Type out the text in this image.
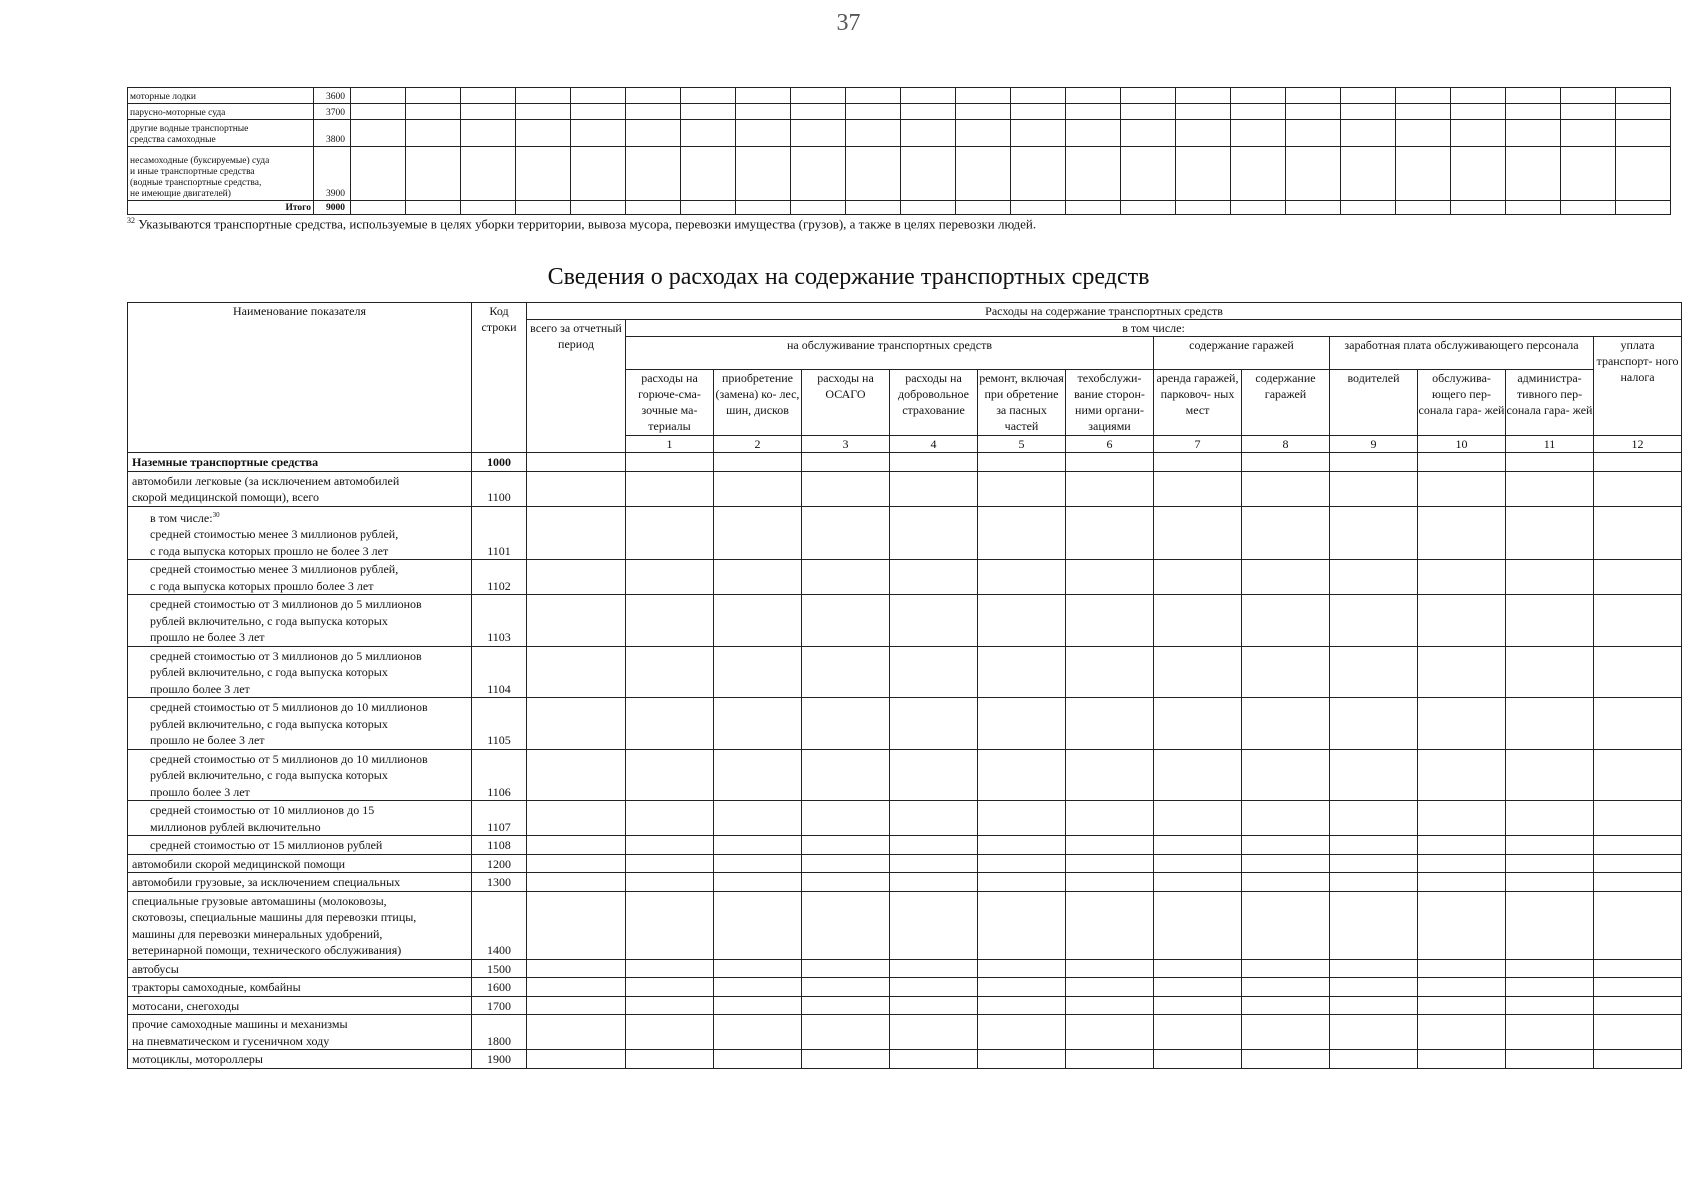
37
моторные лодки	3600																								

парусно-моторные суда	3700																								

другие водные транспортные
средства самоходные	3800																								

несамоходные (буксируемые) суда
и иные транспортные средства
(водные транспортные средства,
не имеющие двигателей)	3900																								
Итого	9000																								
$^{32}$ Указываются транспортные средства, используемые в целях уборки территории, вывоза мусора, перевозки имущества (грузов), а также в целях перевозки людей.
Сведения о расходах на содержание транспортных средств
Наименование показателя	Код строки	Расходы на содержание транспортных средств													
		всего за отчетный период	в том числе:												
			на обслуживание транспортных средств						содержание гаражей		заработная плата обслуживающего персонала			уплата транспорт- ного налога	
			расходы на горюче-сма- зочные ма- териалы	приобретение (замена) ко- лес, шин, дисков	расходы на ОСАГО	расходы на добровольное страхование	ремонт, включая при обретение за пасных частей	техобслужи- вание сторон- ними органи- зациями	аренда гаражей, парковоч- ных мест	содержание гаражей	водителей	обслужива- ющего пер- сонала гара- жей	администра- тивного пер- сонала гара- жей		
			1	2	3	4	5	6	7	8	9	10	11	12			

Наземные транспортные средства	1000														

автомобили легковые (за исключением автомобилей
скорой медицинской помощи), всего	1100														

в том числе:$^{30}$
средней стоимостью менее 3 миллионов рублей,
с года выпуска которых прошло не более 3 лет	1101														

средней стоимостью менее 3 миллионов рублей,
с года выпуска которых прошло более 3 лет	1102														

средней стоимостью от 3 миллионов до 5 миллионов
рублей включительно, с года выпуска которых
прошло не более 3 лет	1103														

средней стоимостью от 3 миллионов до 5 миллионов
рублей включительно, с года выпуска которых
прошло более 3 лет	1104														

средней стоимостью от 5 миллионов до 10 миллионов
рублей включительно, с года выпуска которых
прошло не более 3 лет	1105														

средней стоимостью от 5 миллионов до 10 миллионов
рублей включительно, с года выпуска которых
прошло более 3 лет	1106														

средней стоимостью от 10 миллионов до 15
миллионов рублей включительно	1107														

средней стоимостью от 15 миллионов рублей	1108														

автомобили скорой медицинской помощи	1200														

автомобили грузовые, за исключением специальных	1300														

специальные грузовые автомашины (молоковозы,
скотовозы, специальные машины для перевозки птицы,
машины для перевозки минеральных удобрений,
ветеринарной помощи, технического обслуживания)	1400														

автобусы	1500														

тракторы самоходные, комбайны	1600														

мотосани, снегоходы	1700														

прочие самоходные машины и механизмы
на пневматическом и гусеничном ходу	1800														

мотоциклы, мотороллеры	1900														
